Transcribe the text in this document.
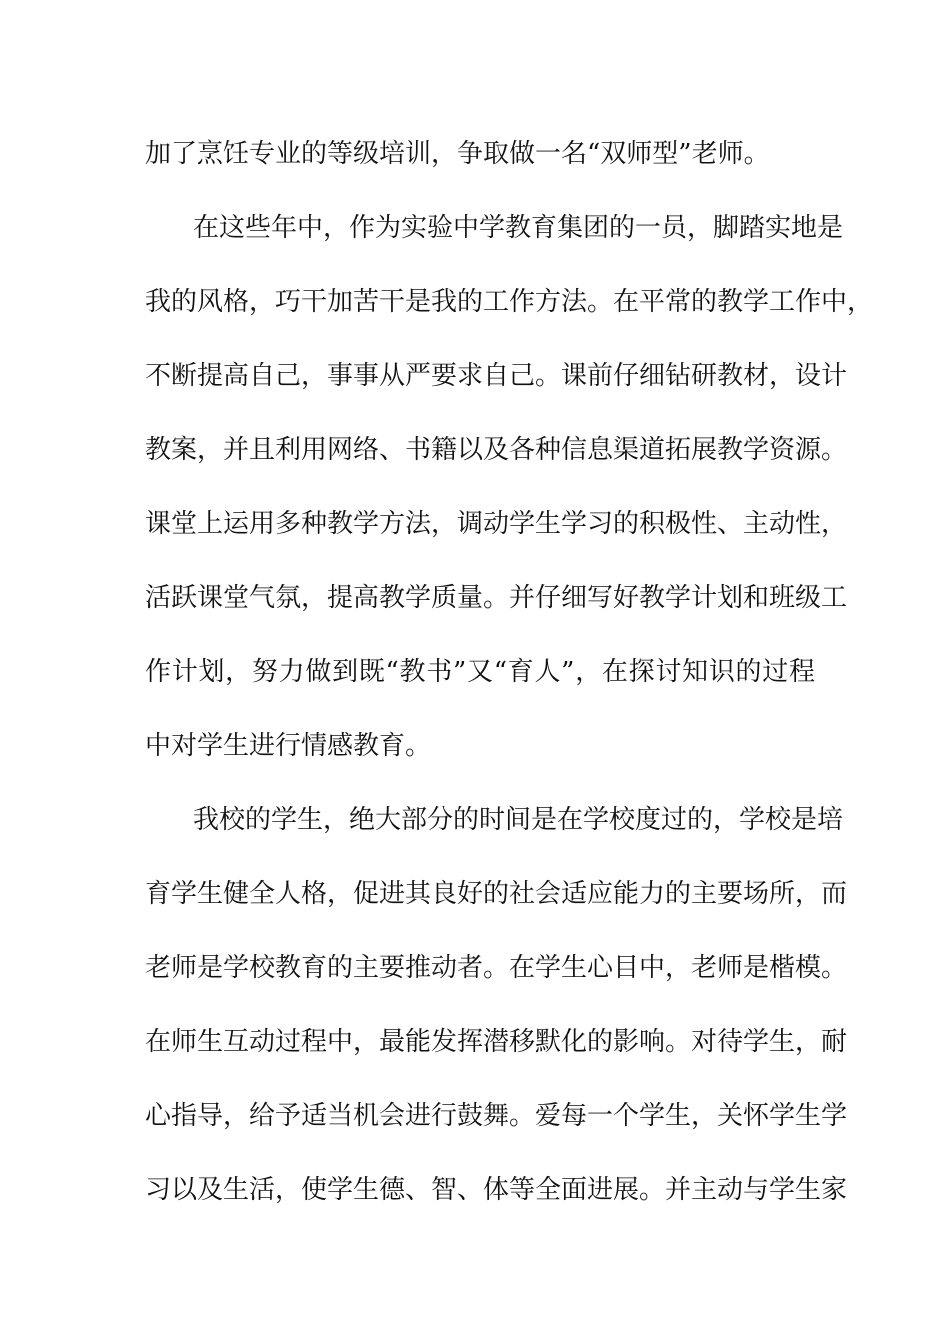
加了烹饪专业的等级培训，争取做一名“双师型”老师。
在这些年中，作为实验中学教育集团的一员，脚踏实地是
我的风格，巧干加苦干是我的工作方法。在平常的教学工作中，
不断提高自己，事事从严要求自己。课前仔细钻研教材，设计
教案，并且利用网络、书籍以及各种信息渠道拓展教学资源。
课堂上运用多种教学方法，调动学生学习的积极性、主动性，
活跃课堂气氛，提高教学质量。并仔细写好教学计划和班级工
作计划，努力做到既“教书”又“育人”，在探讨知识的过程
中对学生进行情感教育。
我校的学生，绝大部分的时间是在学校度过的，学校是培
育学生健全人格，促进其良好的社会适应能力的主要场所，而
老师是学校教育的主要推动者。在学生心目中，老师是楷模。
在师生互动过程中，最能发挥潜移默化的影响。对待学生，耐
心指导，给予适当机会进行鼓舞。爱每一个学生，关怀学生学
习以及生活，使学生德、智、体等全面进展。并主动与学生家
